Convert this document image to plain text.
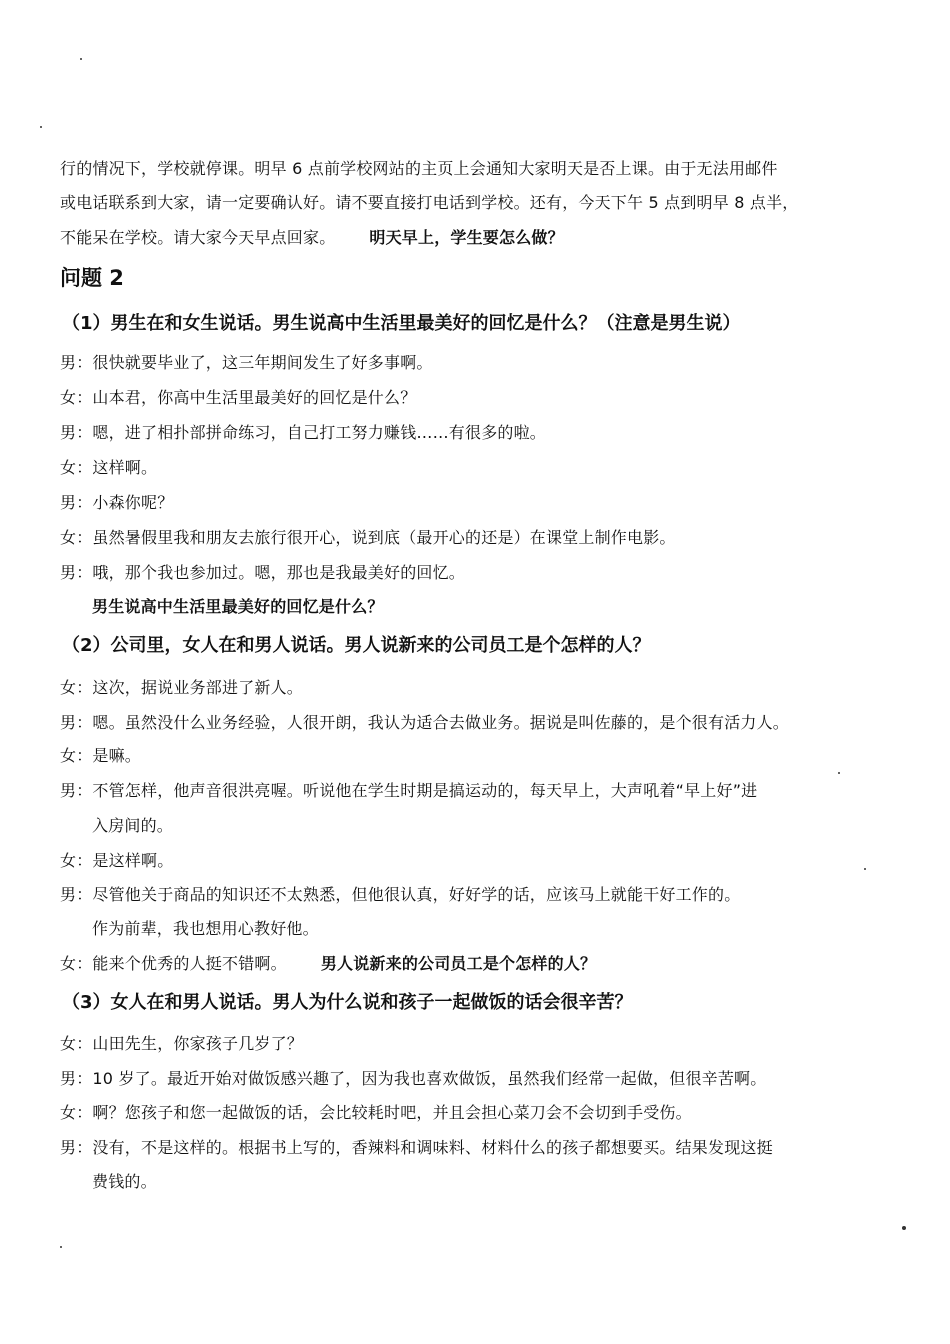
行的情况下，学校就停课。明早 6 点前学校网站的主页上会通知大家明天是否上课。由于无法用邮件
或电话联系到大家，请一定要确认好。请不要直接打电话到学校。还有，今天下午 5 点到明早 8 点半，
不能呆在学校。请大家今天早点回家。 明天早上，学生要怎么做？
问题 2
（1）男生在和女生说话。男生说高中生活里最美好的回忆是什么？（注意是男生说）
男：很快就要毕业了，这三年期间发生了好多事啊。
女：山本君，你高中生活里最美好的回忆是什么？
男：嗯，进了相扑部拼命练习，自己打工努力赚钱……有很多的啦。
女：这样啊。
男：小森你呢？
女：虽然暑假里我和朋友去旅行很开心，说到底（最开心的还是）在课堂上制作电影。
男：哦，那个我也参加过。嗯，那也是我最美好的回忆。
男生说高中生活里最美好的回忆是什么？
（2）公司里，女人在和男人说话。男人说新来的公司员工是个怎样的人？
女：这次，据说业务部进了新人。
男：嗯。虽然没什么业务经验，人很开朗，我认为适合去做业务。据说是叫佐藤的，是个很有活力人。
女：是嘛。
男：不管怎样，他声音很洪亮喔。听说他在学生时期是搞运动的，每天早上，大声吼着“早上好”进
入房间的。
女：是这样啊。
男：尽管他关于商品的知识还不太熟悉，但他很认真，好好学的话，应该马上就能干好工作的。
作为前辈，我也想用心教好他。
女：能来个优秀的人挺不错啊。 男人说新来的公司员工是个怎样的人？
（3）女人在和男人说话。男人为什么说和孩子一起做饭的话会很辛苦？
女：山田先生，你家孩子几岁了？
男：10 岁了。最近开始对做饭感兴趣了，因为我也喜欢做饭，虽然我们经常一起做，但很辛苦啊。
女：啊？您孩子和您一起做饭的话，会比较耗时吧，并且会担心菜刀会不会切到手受伤。
男：没有，不是这样的。根据书上写的，香辣料和调味料、材料什么的孩子都想要买。结果发现这挺
费钱的。
